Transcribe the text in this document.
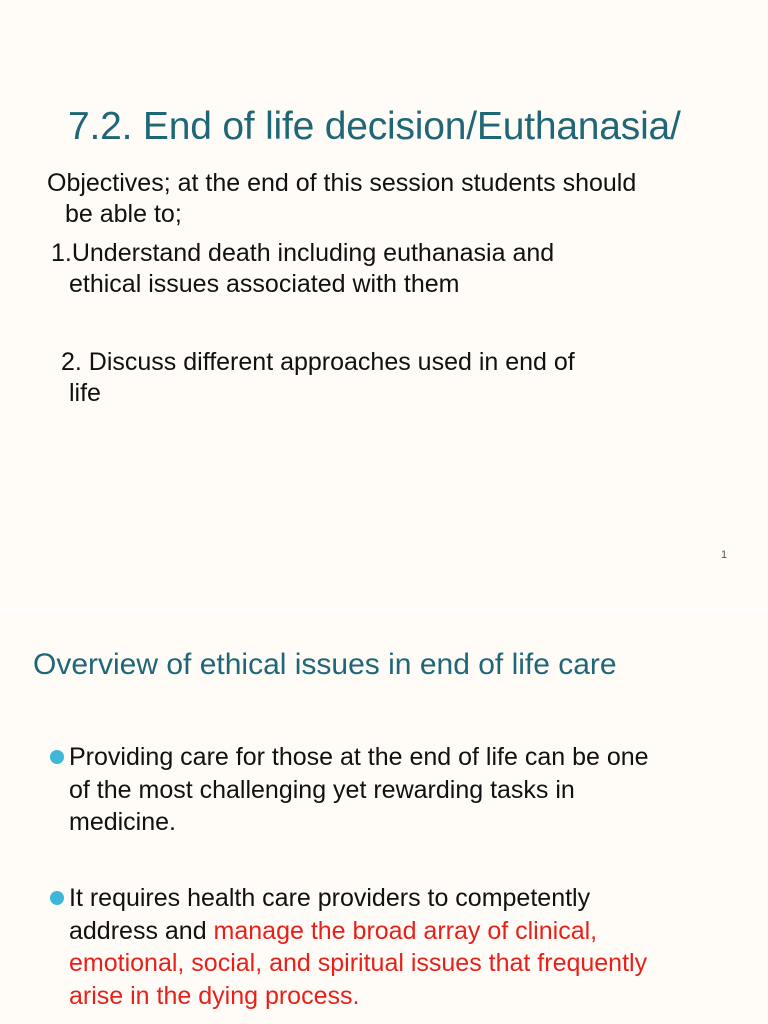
7.2. End of life decision/Euthanasia/
Objectives; at the end of this session students should
be able to;
1.Understand death including euthanasia and
ethical issues associated with them
2. Discuss different approaches used in end of
life
1
Overview of ethical issues in end of life care
Providing care for those at the end of life can be one
of the most challenging yet rewarding tasks in
medicine.
It requires health care providers to competently
address and manage the broad array of clinical,
emotional, social, and spiritual issues that frequently
arise in the dying process.
